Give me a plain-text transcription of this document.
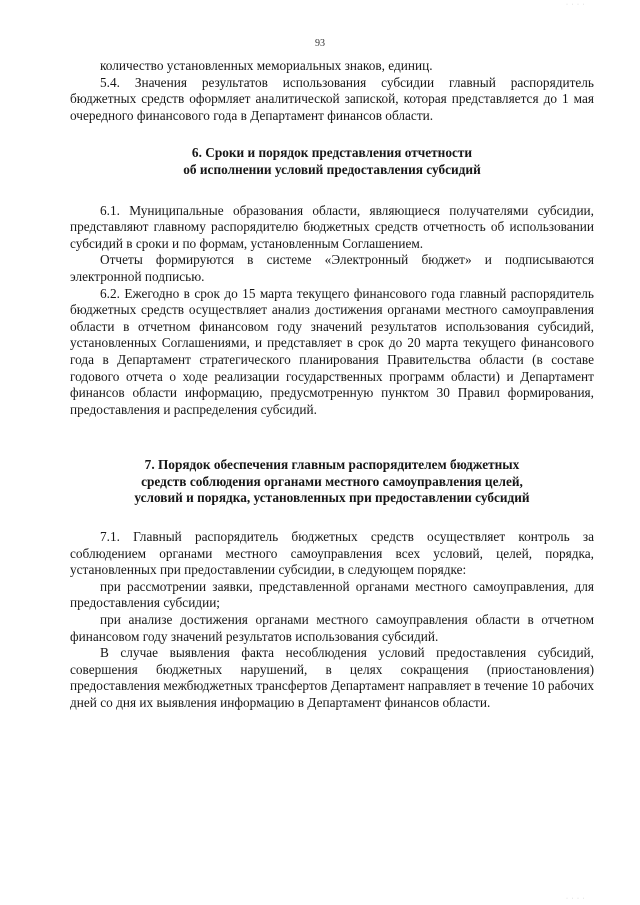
· · · ·
93

количество установленных мемориальных знаков, единиц.

5.4. Значения результатов использования субсидии главный распорядитель бюджетных средств оформляет аналитической запиской, которая представляется до 1 мая очередного финансового года в Департамент финансов области.

6. Сроки и порядок представления отчетности

об исполнении условий предоставления субсидий

6.1. Муниципальные образования области, являющиеся получателями субсидии, представляют главному распорядителю бюджетных средств отчетность об использовании субсидий в сроки и по формам, установленным Соглашением.

Отчеты формируются в системе «Электронный бюджет» и подписываются электронной подписью.

6.2. Ежегодно в срок до 15 марта текущего финансового года главный распорядитель бюджетных средств осуществляет анализ достижения органами местного самоуправления области в отчетном финансовом году значений результатов использования субсидий, установленных Соглашениями, и представляет в срок до 20 марта текущего финансового года в Департамент стратегического планирования Правительства области (в составе годового отчета о ходе реализации государственных программ области) и Департамент финансов области информацию, предусмотренную пунктом 30 Правил формирования, предоставления и распределения субсидий.

7. Порядок обеспечения главным распорядителем бюджетных

средств соблюдения органами местного самоуправления целей,

условий и порядка, установленных при предоставлении субсидий

7.1. Главный распорядитель бюджетных средств осуществляет контроль за соблюдением органами местного самоуправления всех условий, целей, порядка, установленных при предоставлении субсидии, в следующем порядке:

при рассмотрении заявки, представленной органами местного самоуправления, для предоставления субсидии;

при анализе достижения органами местного самоуправления области в отчетном финансовом году значений результатов использования субсидий.

В случае выявления факта несоблюдения условий предоставления субсидий, совершения бюджетных нарушений, в целях сокращения (приостановления) предоставления межбюджетных трансфертов Департамент направляет в течение 10 рабочих дней со дня их выявления информацию в Департамент финансов области.

· · · ·
